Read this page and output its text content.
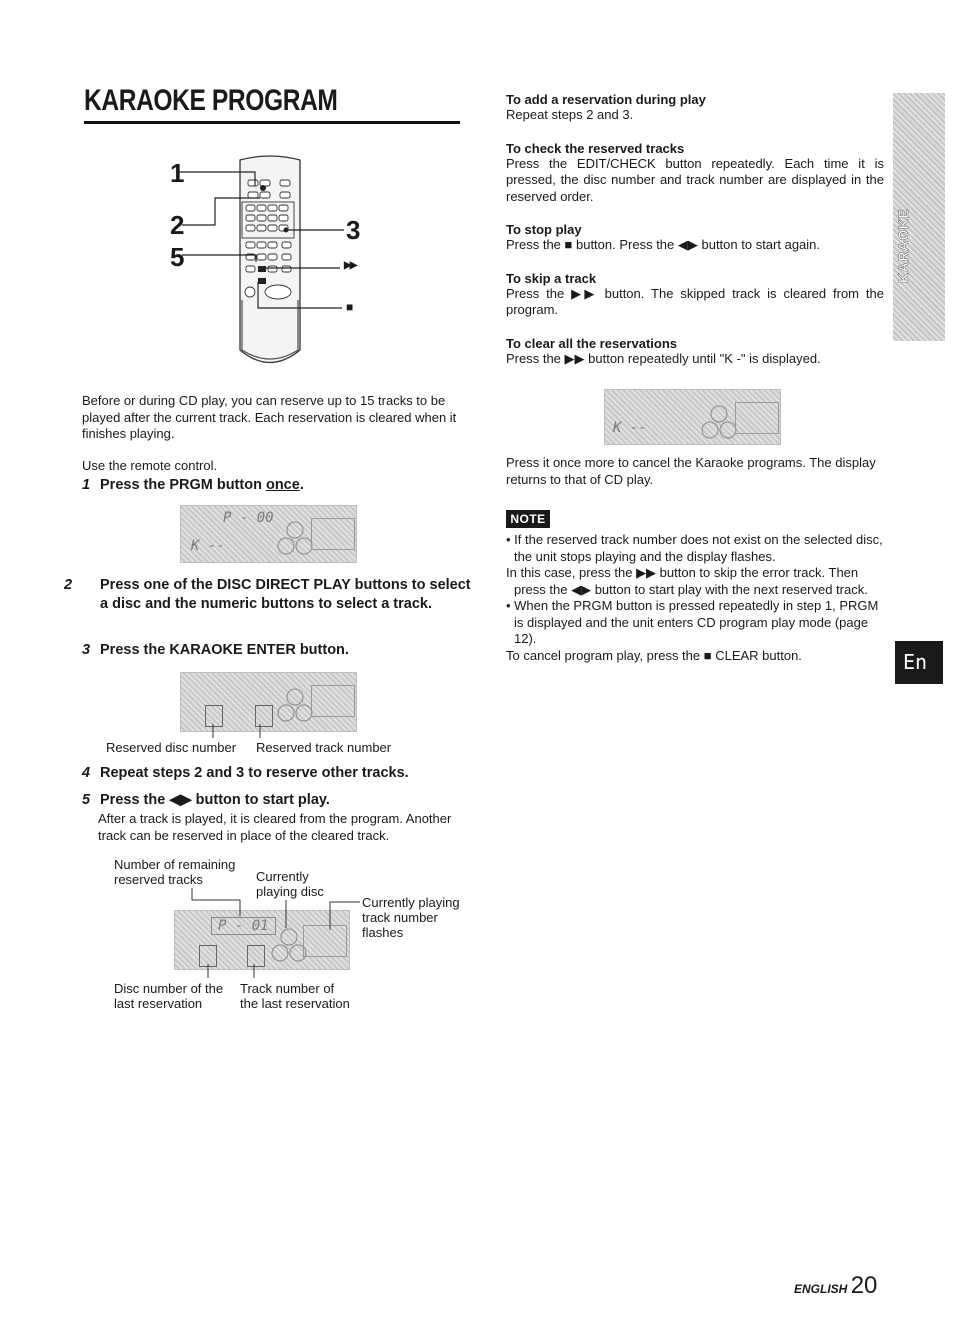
KARAOKE PROGRAM
1
2
5
3
▶▶
■
Before or during CD play, you can reserve up to 15 tracks to be played after the current track. Each reservation is cleared when it finishes playing.
Use the remote control.
1 Press the PRGM button once.
P - 00
K --
2 Press one of the DISC DIRECT PLAY buttons to select a disc and the numeric buttons to select a track.
3 Press the KARAOKE ENTER button.
Reserved disc number Reserved track number
4 Repeat steps 2 and 3 to reserve other tracks.
5 Press the ◀▶ button to start play.
After a track is played, it is cleared from the program. Another track can be reserved in place of the cleared track.
Number of remaining
reserved tracks	Currently
playing disc
Currently playing
track number
flashes
P - 01
Disc number of the
last reservation
Track number of
the last reservation
To add a reservation during play
Repeat steps 2 and 3.
To check the reserved tracks
Press the EDIT/CHECK button repeatedly. Each time it is pressed, the disc number and track number are displayed in the reserved order.
To stop play
Press the ■ button. Press the ◀▶ button to start again.
To skip a track
Press the ▶▶ button. The skipped track is cleared from the program.
To clear all the reservations
Press the ▶▶ button repeatedly until "K -" is displayed.
K --
Press it once more to cancel the Karaoke programs. The display returns to that of CD play.
NOTE
• If the reserved track number does not exist on the selected disc, the unit stops playing and the display flashes.
In this case, press the ▶▶ button to skip the error track. Then press the ◀▶ button to start play with the next reserved track.
• When the PRGM button is pressed repeatedly in step 1, PRGM is displayed and the unit enters CD program play mode (page 12).
To cancel program play, press the ■ CLEAR button.
KARAOKE
En
ENGLISH 20
